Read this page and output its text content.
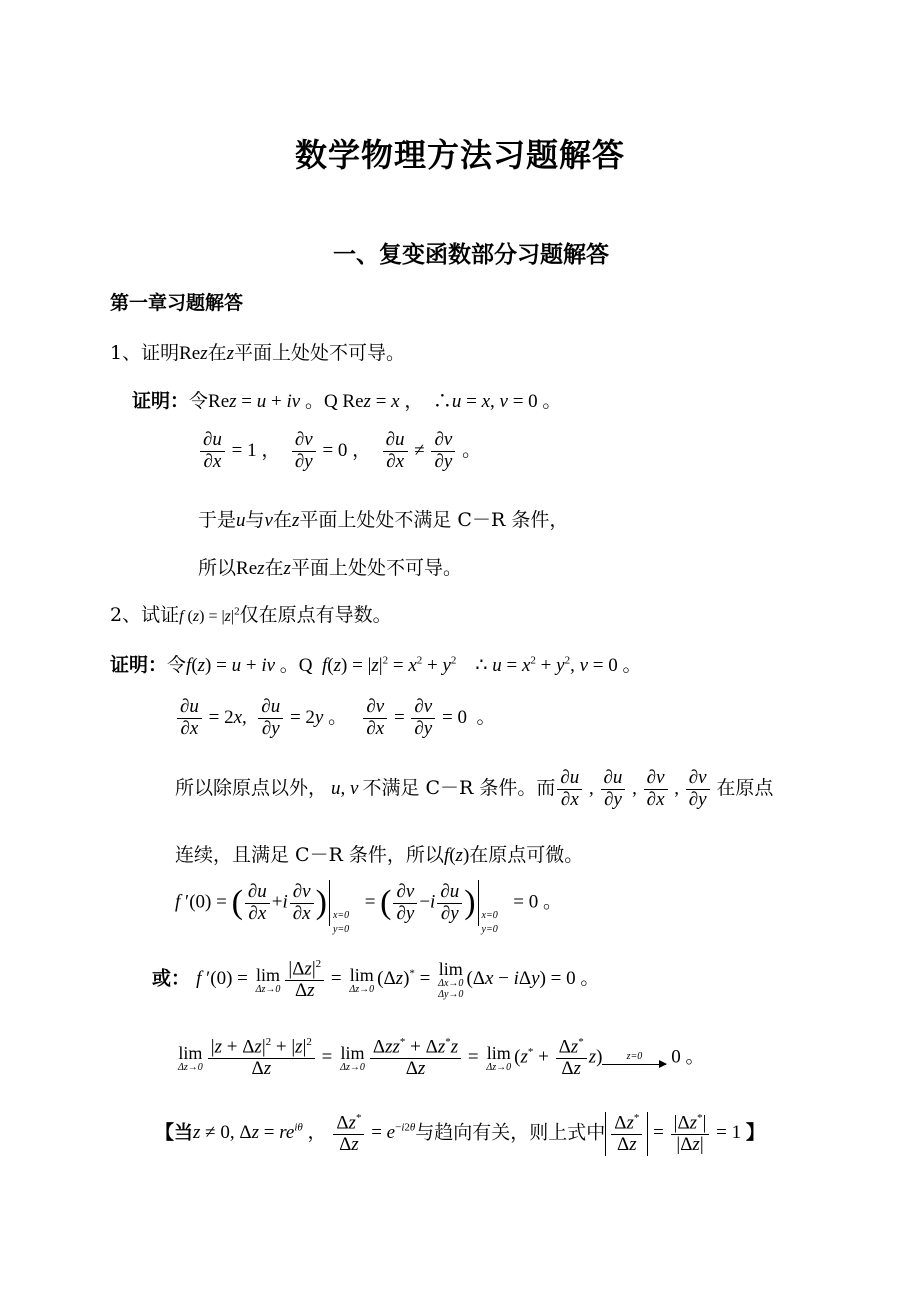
数学物理方法习题解答
一、复变函数部分习题解答
第一章习题解答
1、证明Rez在z平面上处处不可导。
证明：令Rez = u + iv 。Q Rez = x ，  ∴u = x, v = 0 。
$\frac{\partial u}{\partial x} = 1$ ， $\frac{\partial v}{\partial y} = 0$ ， $\frac{\partial u}{\partial x} \ne \frac{\partial v}{\partial y}$ 。
于是u与v在z平面上处处不满足 C－R 条件，
所以Rez在z平面上处处不可导。
2、试证f $(z) = |z|^2$仅在原点有导数。
证明：令f(z) = u + iv 。Q  $f(z) = |z|^2 = x^2 + y^2$    ∴ $u = x^2 + y^2$, v = 0 。
$\frac{\partial u}{\partial x} = 2x$, $\frac{\partial u}{\partial y} = 2y$ 。 $\frac{\partial v}{\partial x} = \frac{\partial v}{\partial y} = 0$  。
所以除原点以外， u, v 不满足 C－R 条件。而 $\frac{\partial u}{\partial x}$ , $\frac{\partial u}{\partial y}$ , $\frac{\partial v}{\partial x}$ , $\frac{\partial v}{\partial y}$ 在原点
连续，且满足 C－R 条件，所以f(z)在原点可微。
f ′(0) = ( $\frac{\partial u}{\partial x} +i \frac{\partial v}{\partial x}$ ) x=0
y=0
= ( $\frac{\partial v}{\partial y} -i \frac{\partial u}{\partial y}$ ) x=0
y=0
= 0 。
或： f ′(0) = lim
$\Delta z\to 0 \frac{|\Delta z|^2}{\Delta z} = \lim$
Δz→0 (Δz)* = lim
Δx→0
Δy→0
(Δx − iΔy) = 0 。
lim
$\Delta z\to 0 \frac{|z + \Delta z|^2 + |z|^2}{\Delta z} = \lim$
$\Delta z\to 0 \frac{\Delta zz^* + \Delta z^*z}{\Delta z} = \lim$
Δz→0 $(z^* + \frac{\Delta z^*}{\Delta z} z)$	z=0	0 。
【当z ≠ 0, $\Delta z = re^{i\theta}$ ， $\frac{\Delta z^*}{\Delta z} = e^{-i2\theta}$与趋向有关，则上式中 $\frac{\Delta z^*}{\Delta z} = \frac{|\Delta z^*|}{|\Delta z|} = 1$ 】
